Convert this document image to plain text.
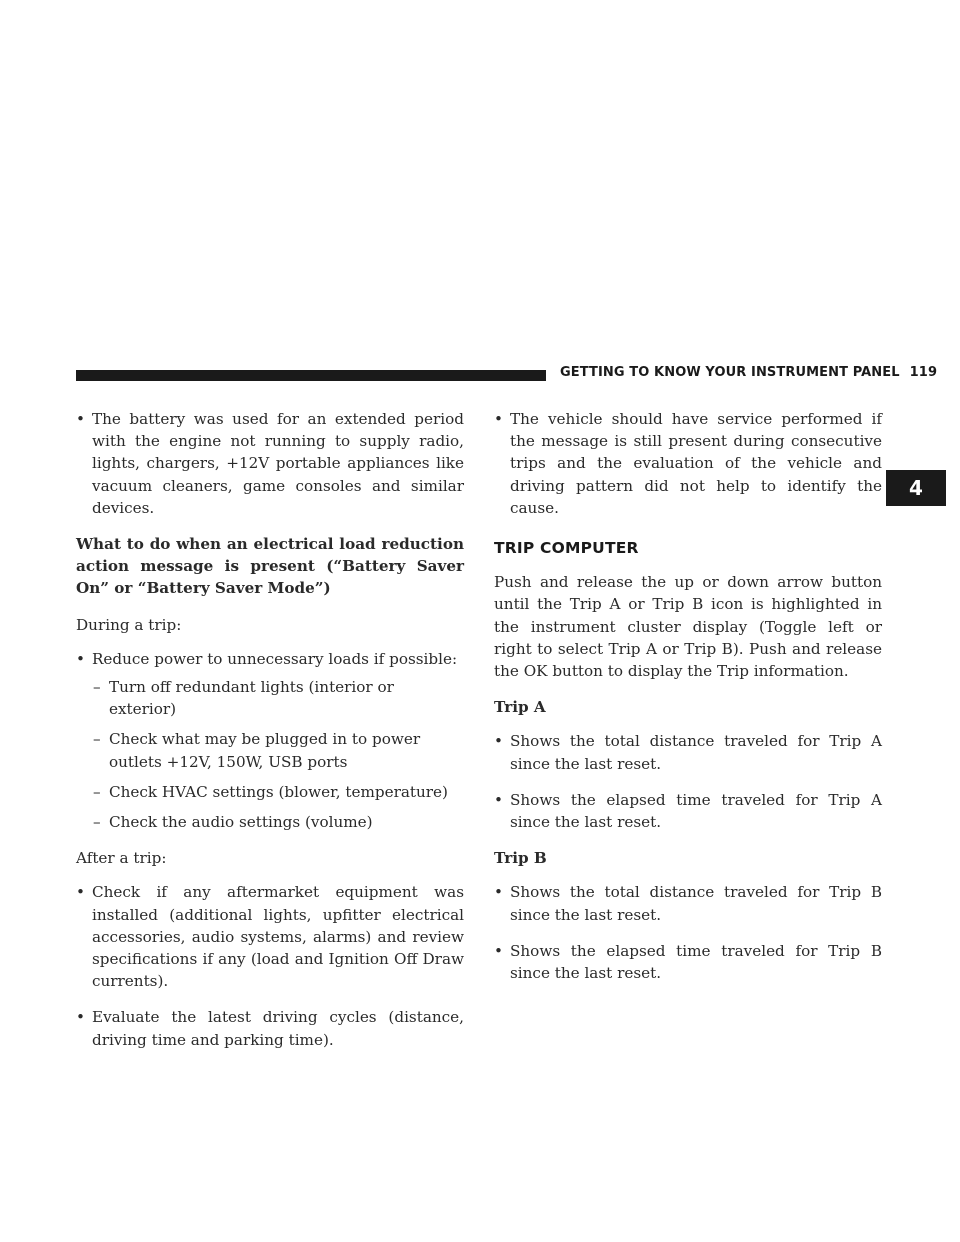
GETTING TO KNOW YOUR INSTRUMENT PANEL 119
4

• The battery was used for an extended period with the engine not running to supply radio, lights, chargers, +12V portable appliances like vacuum cleaners, game consoles and similar devices.

What to do when an electrical load reduction action message is present (“Battery Saver On” or “Battery Saver Mode”)

During a trip:

• Reduce power to unnecessary loads if possible:

– Turn off redundant lights (interior or exterior)

– Check what may be plugged in to power outlets +12V, 150W, USB ports

– Check HVAC settings (blower, temperature)

– Check the audio settings (volume)

After a trip:

• Check if any aftermarket equipment was installed (additional lights, upfitter electrical accessories, audio systems, alarms) and review specifications if any (load and Ignition Off Draw currents).

• Evaluate the latest driving cycles (distance, driving time and parking time).

• The vehicle should have service performed if the message is still present during consecutive trips and the evaluation of the vehicle and driving pattern did not help to identify the cause.

TRIP COMPUTER

Push and release the up or down arrow button until the Trip A or Trip B icon is highlighted in the instrument cluster display (Toggle left or right to select Trip A or Trip B). Push and release the OK button to display the Trip information.

Trip A

• Shows the total distance traveled for Trip A since the last reset.

• Shows the elapsed time traveled for Trip A since the last reset.

Trip B

• Shows the total distance traveled for Trip B since the last reset.

• Shows the elapsed time traveled for Trip B since the last reset.
